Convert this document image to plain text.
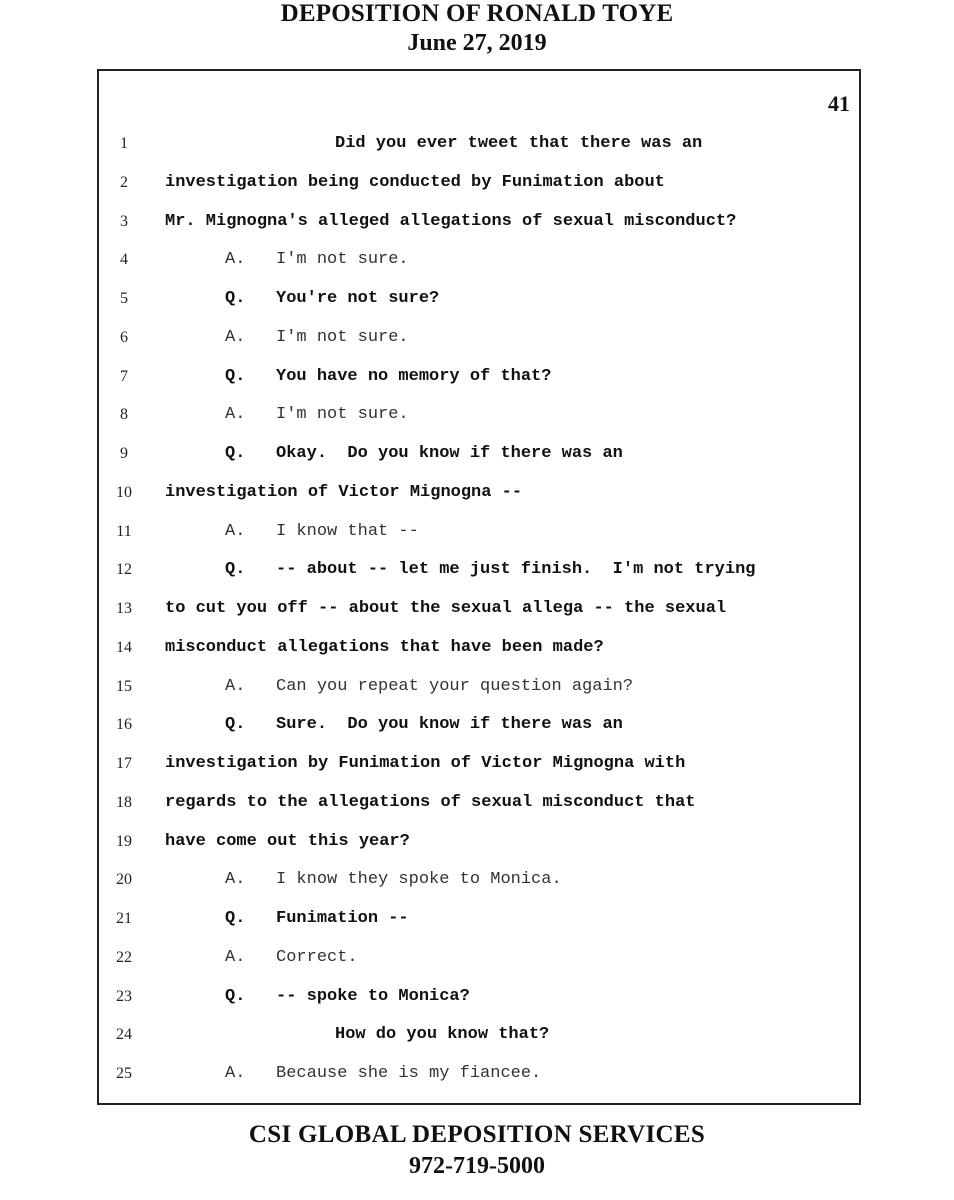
DEPOSITION OF RONALD TOYE
June 27, 2019
41
1	Did you ever tweet that there was an
2	investigation being conducted by Funimation about
3	Mr. Mignogna's alleged allegations of sexual misconduct?
4	A.   I'm not sure.
5	Q.   You're not sure?
6	A.   I'm not sure.
7	Q.   You have no memory of that?
8	A.   I'm not sure.
9	Q.   Okay.  Do you know if there was an
10	investigation of Victor Mignogna --
11	A.   I know that --
12	Q.   -- about -- let me just finish.  I'm not trying
13	to cut you off -- about the sexual allega -- the sexual
14	misconduct allegations that have been made?
15	A.   Can you repeat your question again?
16	Q.   Sure.  Do you know if there was an
17	investigation by Funimation of Victor Mignogna with
18	regards to the allegations of sexual misconduct that
19	have come out this year?
20	A.   I know they spoke to Monica.
21	Q.   Funimation --
22	A.   Correct.
23	Q.   -- spoke to Monica?
24	How do you know that?
25	A.   Because she is my fiancee.
CSI GLOBAL DEPOSITION SERVICES
972-719-5000
